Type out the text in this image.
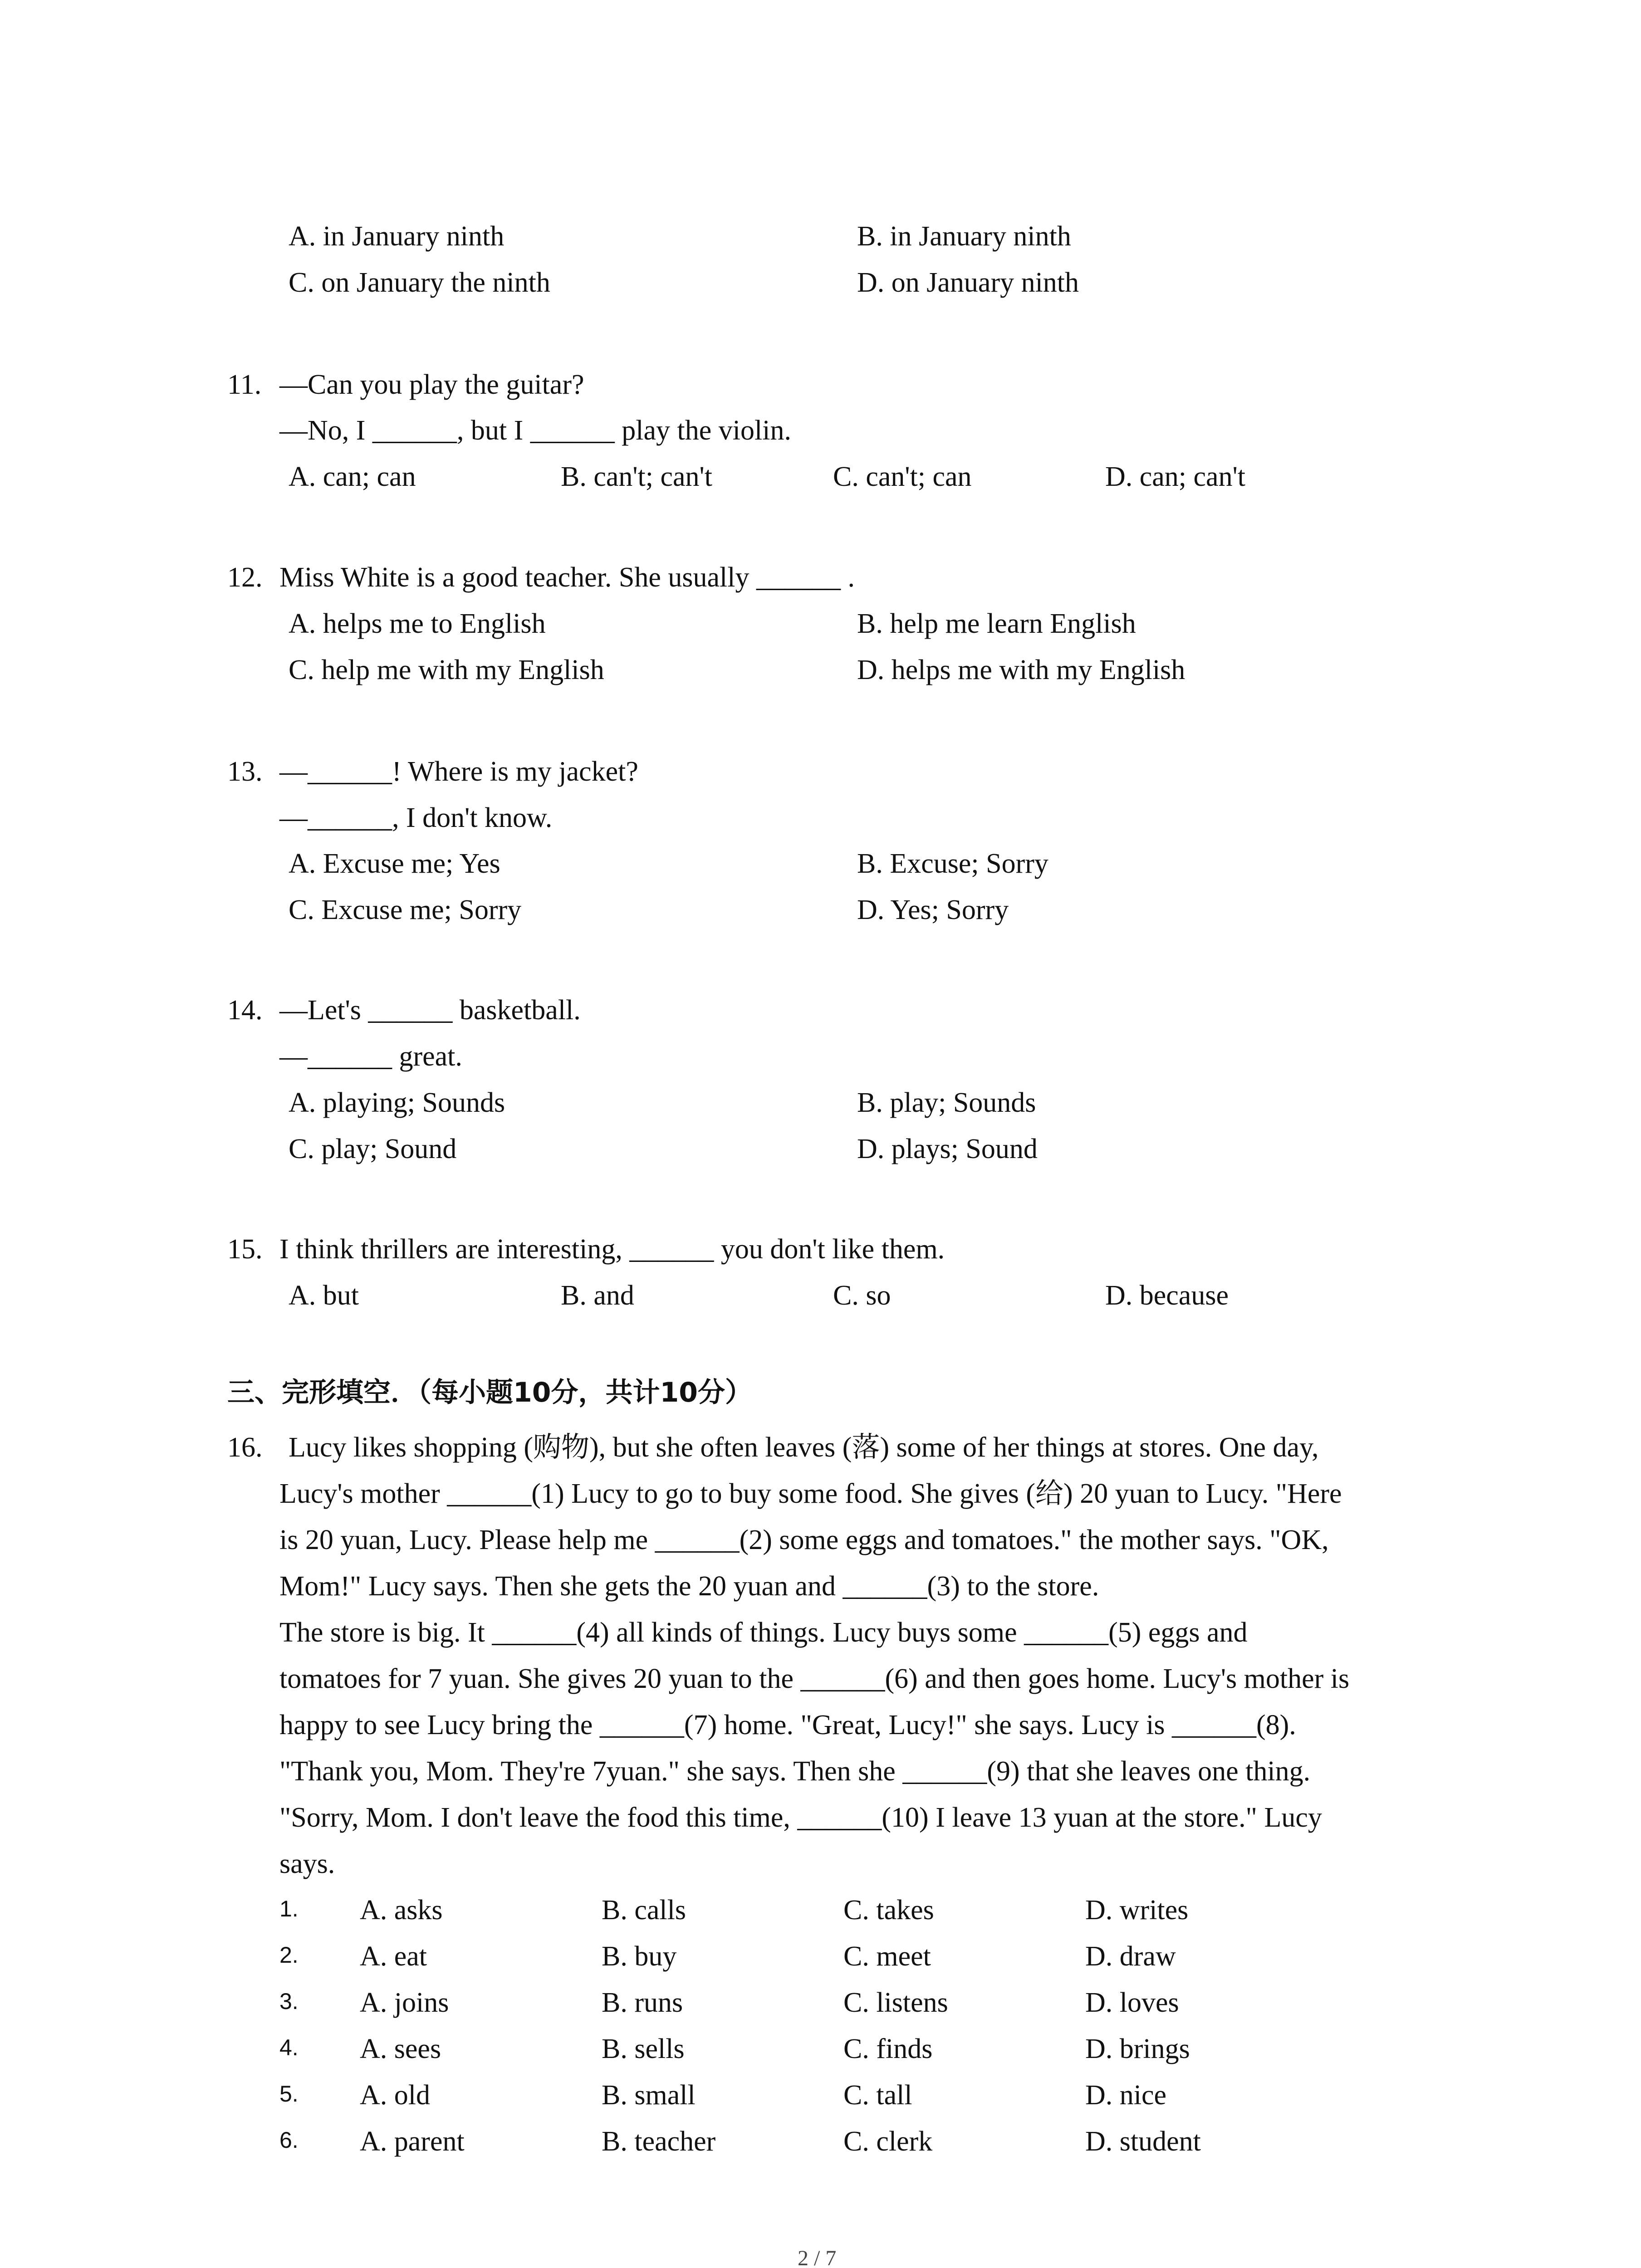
A. in January ninth	B. in January ninth
C. on January the ninth	D. on January ninth
11. —Can you play the guitar?
—No, I ______, but I ______ play the violin.
A. can; can	B. can't; can't	C. can't; can	D. can; can't
12. Miss White is a good teacher. She usually ______ .
A. helps me to English	B. help me learn English
C. help me with my English	D. helps me with my English
13. —______! Where is my jacket?
—______, I don't know.
A. Excuse me; Yes	B. Excuse; Sorry
C. Excuse me; Sorry	D. Yes; Sorry
14. —Let's ______ basketball.
—______ great.
A. playing; Sounds	B. play; Sounds
C. play; Sound	D. plays; Sound
15. I think thrillers are interesting, ______ you don't like them.
A. but	B. and	C. so	D. because
三、完形填空．（每小题10分，共计10分）
16. Lucy likes shopping (购物), but she often leaves (落) some of her things at stores. One day,
Lucy's mother ______(1) Lucy to go to buy some food. She gives (给) 20 yuan to Lucy. "Here
is 20 yuan, Lucy. Please help me ______(2) some eggs and tomatoes." the mother says. "OK,
Mom!" Lucy says. Then she gets the 20 yuan and ______(3) to the store.
The store is big. It ______(4) all kinds of things. Lucy buys some ______(5) eggs and
tomatoes for 7 yuan. She gives 20 yuan to the ______(6) and then goes home. Lucy's mother is
happy to see Lucy bring the ______(7) home. "Great, Lucy!" she says. Lucy is ______(8).
"Thank you, Mom. They're 7yuan." she says. Then she ______(9) that she leaves one thing.
"Sorry, Mom. I don't leave the food this time, ______(10) I leave 13 yuan at the store." Lucy
says.
1. A. asks	B. calls	C. takes	D. writes
2. A. eat	B. buy	C. meet	D. draw
3. A. joins	B. runs	C. listens	D. loves
4. A. sees	B. sells	C. finds	D. brings
5. A. old	B. small	C. tall	D. nice
6. A. parent	B. teacher	C. clerk	D. student
2 / 7
